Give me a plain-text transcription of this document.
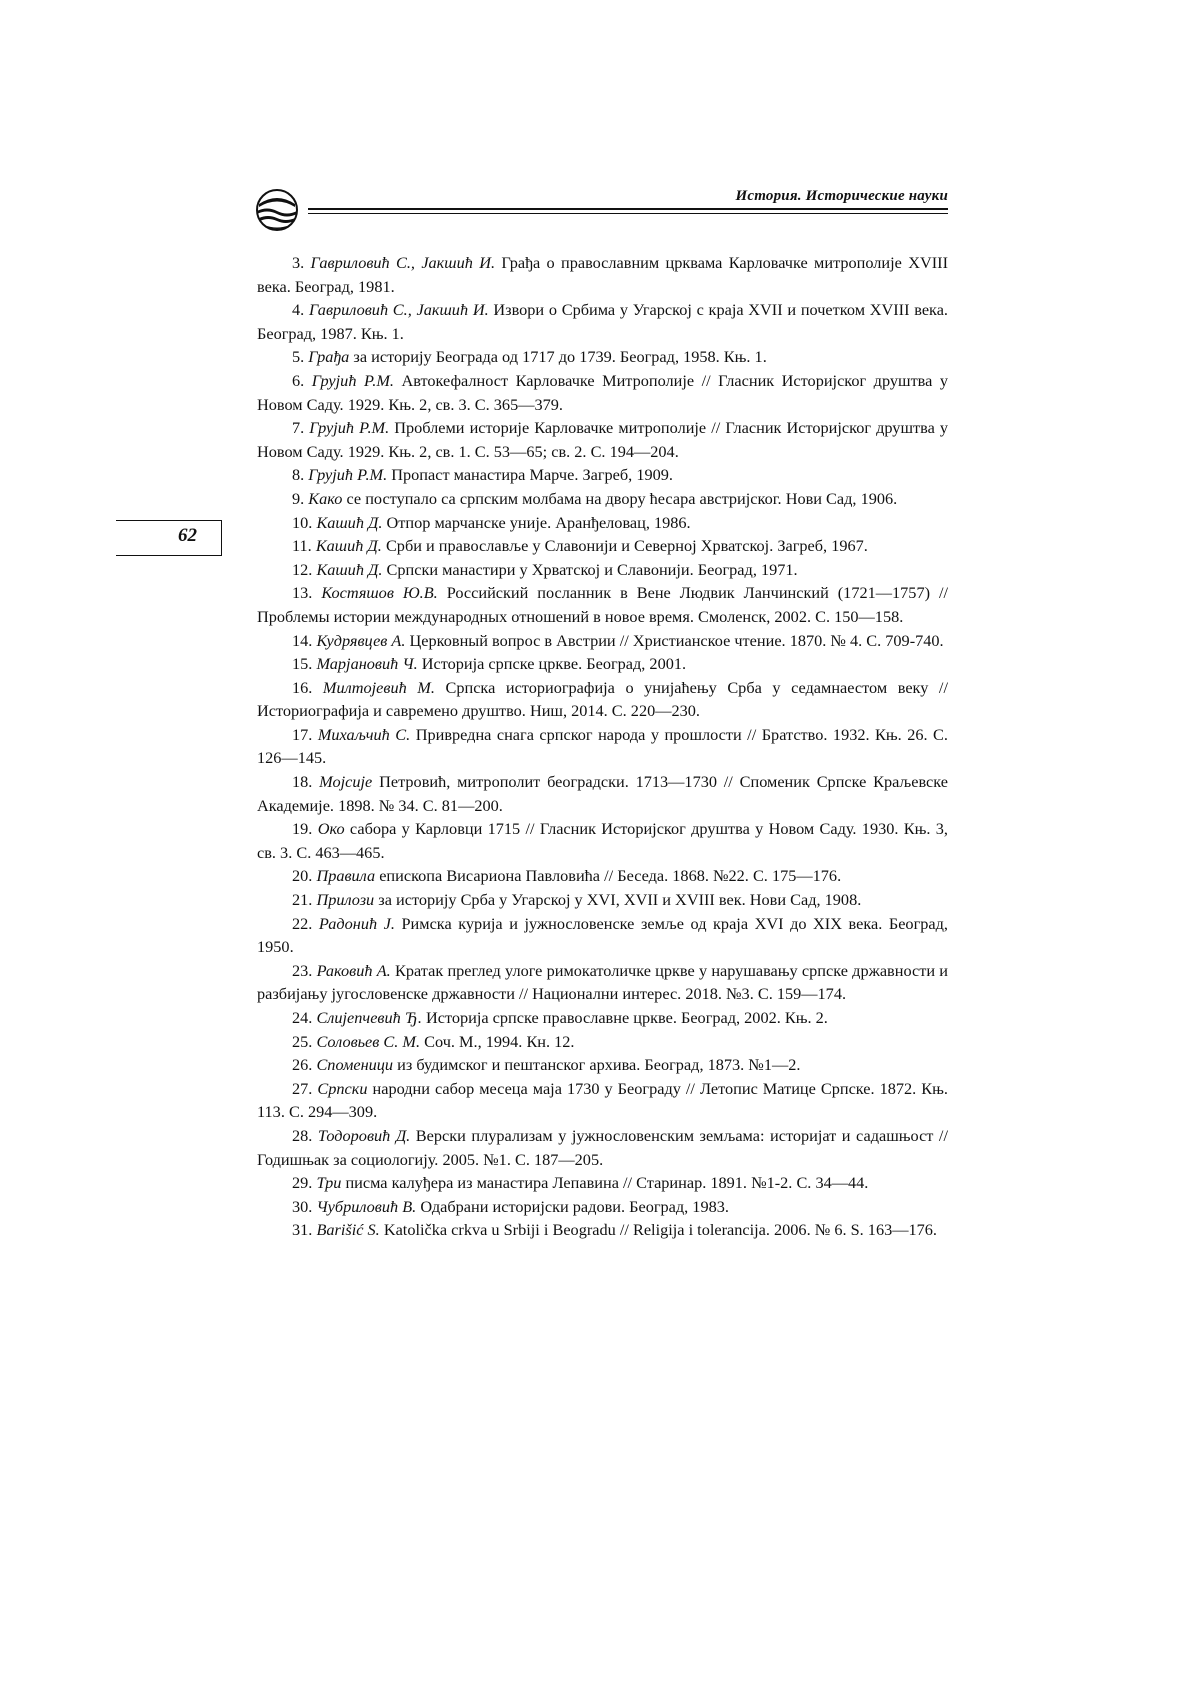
История. Исторические науки
62

3. Гавриловић С., Јакшић И. Грађа о православним црквама Карловачке митрополије XVIII века. Београд, 1981.

4. Гавриловић С., Јакшић И. Извори о Србима у Угарској с краја XVII и почетком XVIII века. Београд, 1987. Књ. 1.

5. Грађа за историју Београда од 1717 до 1739. Београд, 1958. Књ. 1.

6. Грујић Р.М. Автокефалност Карловачке Митрополије // Гласник Историјског друштва у Новом Саду. 1929. Књ. 2, св. 3. С. 365—379.

7. Грујић Р.М. Проблеми историје Карловачке митрополије // Гласник Историјског друштва у Новом Саду. 1929. Књ. 2, св. 1. С. 53—65; св. 2. С. 194—204.

8. Грујић Р.М. Пропаст манастира Марче. Загреб, 1909.

9. Како се поступало са српским молбама на двору ћесара австријског. Нови Сад, 1906.

10. Кашић Д. Отпор марчанске уније. Аранђеловац, 1986.

11. Кашић Д. Срби и православље у Славонији и Северној Хрватској. Загреб, 1967.

12. Кашић Д. Српски манастири у Хрватској и Славонији. Београд, 1971.

13. Костяшов Ю.В. Российский посланник в Вене Людвик Ланчинский (1721—1757) // Проблемы истории международных отношений в новое время. Смоленск, 2002. С. 150—158.

14. Кудрявцев А. Церковный вопрос в Австрии // Христианское чтение. 1870. № 4. С. 709-740.

15. Марјановић Ч. Историја српске цркве. Београд, 2001.

16. Милтојевић М. Српска историографија о унијаћењу Срба у седамнаестом веку // Историографија и савремено друштво. Ниш, 2014. С. 220—230.

17. Михаљчић С. Привредна снага српског народа у прошлости // Братство. 1932. Књ. 26. С. 126—145.

18. Мојсије Петровић, митрополит београдски. 1713—1730 // Споменик Српске Краљевске Академије. 1898. № 34. С. 81—200.

19. Око сабора у Карловци 1715 // Гласник Историјског друштва у Новом Саду. 1930. Књ. 3, св. 3. С. 463—465.

20. Правила епископа Висариона Павловића // Беседа. 1868. №22. С. 175—176.

21. Прилози за историју Срба у Угарској у XVI, XVII и XVIII век. Нови Сад, 1908.

22. Радонић Ј. Римска курија и јужнословенске земље од краја XVI до XIX века. Београд, 1950.

23. Раковић А. Кратак преглед улоге римокатоличке цркве у нарушавању српске државности и разбијању југословенске државности // Национални интерес. 2018. №3. С. 159—174.

24. Слијепчевић Ђ. Историја српске православне цркве. Београд, 2002. Књ. 2.

25. Соловьев С. М. Соч. М., 1994. Кн. 12.

26. Споменици из будимског и пештанског архива. Београд, 1873. №1—2.

27. Српски народни сабор месеца маја 1730 у Београду // Летопис Матице Српске. 1872. Књ. 113. С. 294—309.

28. Тодоровић Д. Верски плурализам у јужнословенским земљама: историјат и садашњост // Годишњак за социологију. 2005. №1. С. 187—205.

29. Три писма калуђера из манастира Лепавина // Старинар. 1891. №1-2. С. 34—44.

30. Чубриловић В. Одабрани историјски радови. Београд, 1983.

31. Barišić S. Katolička crkva u Srbiji i Beogradu // Religija i tolerancija. 2006. № 6. S. 163—176.
